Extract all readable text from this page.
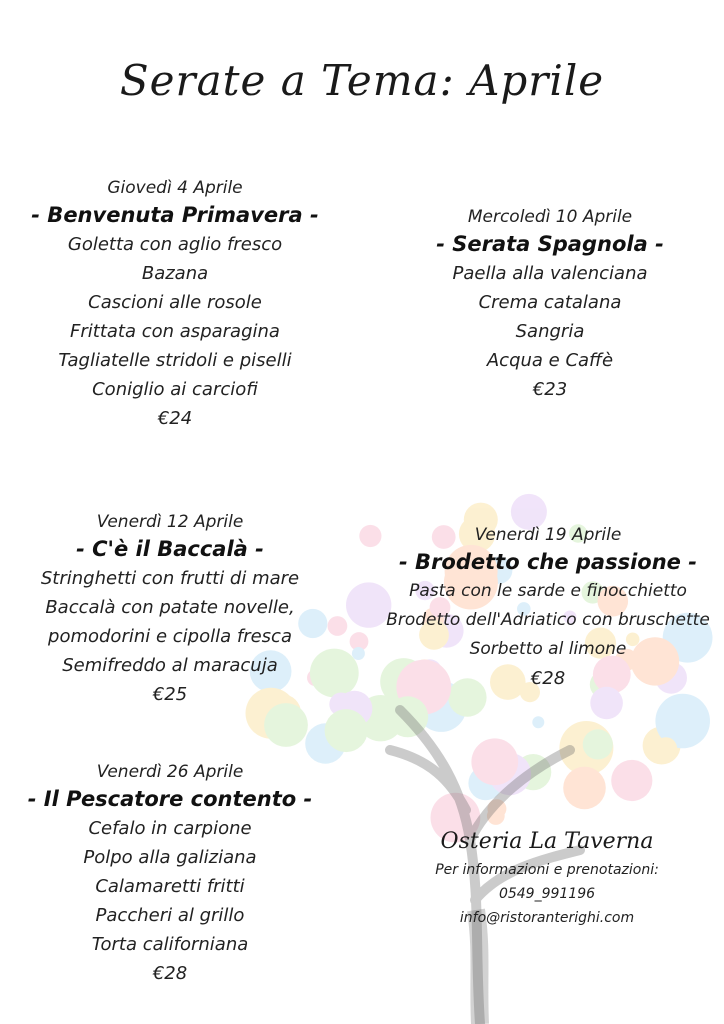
Serate a Tema: Aprile
Giovedì 4 Aprile
- Benvenuta Primavera -
Goletta con aglio fresco
Bazana
Cascioni alle rosole
Frittata con asparagina
Tagliatelle stridoli e piselli
Coniglio ai carciofi
€24
Mercoledì 10 Aprile
- Serata Spagnola -
Paella alla valenciana
Crema catalana
Sangria
Acqua e Caffè
€23
Venerdì 12 Aprile
- C'è il Baccalà -
Stringhetti con frutti di mare
Baccalà con patate novelle,
pomodorini e cipolla fresca
Semifreddo al maracuja
€25
Venerdì 19 Aprile
- Brodetto che passione -
Pasta con le sarde e finocchietto
Brodetto dell'Adriatico con bruschette
Sorbetto al limone
€28
Venerdì 26 Aprile
- Il Pescatore contento -
Cefalo in carpione
Polpo alla galiziana
Calamaretti fritti
Paccheri al grillo
Torta californiana
€28
Osteria La Taverna
Per informazioni e prenotazioni:
0549_991196
info@ristoranterighi.com
